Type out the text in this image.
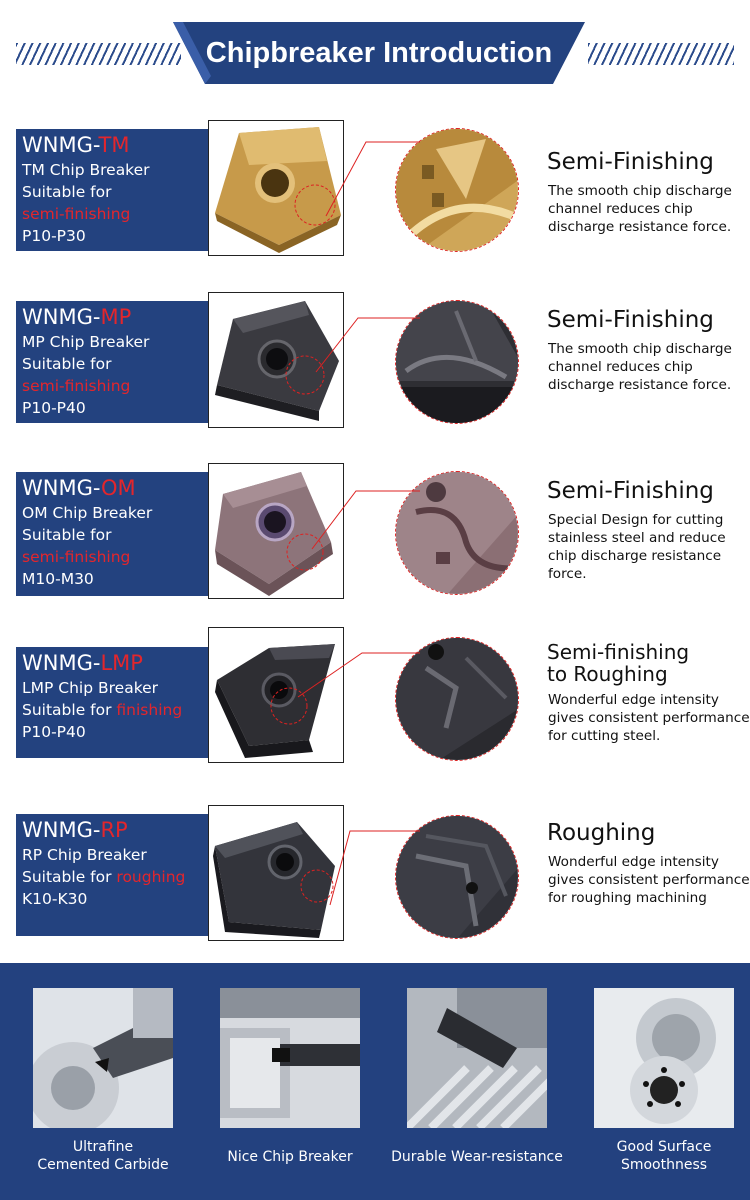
Chipbreaker Introduction
WNMG-TM
TM Chip Breaker
Suitable for
semi-finishing
P10-P30
Semi-Finishing
The smooth chip discharge channel reduces chip discharge resistance force.
WNMG-MP
MP Chip Breaker
Suitable for
semi-finishing
P10-P40
Semi-Finishing
The smooth chip discharge channel reduces chip discharge resistance force.
WNMG-OM
OM Chip Breaker
Suitable for
semi-finishing
M10-M30
Semi-Finishing
Special Design for cutting stainless steel and reduce chip discharge resistance force.
WNMG-LMP
LMP Chip Breaker
Suitable for finishing
P10-P40
Semi-finishing
to Roughing
Wonderful edge intensity gives consistent performance for cutting steel.
WNMG-RP
RP Chip Breaker
Suitable for roughing
K10-K30
Roughing
Wonderful edge intensity gives consistent performance for roughing machining
Ultrafine
Cemented Carbide	Nice Chip Breaker	Durable Wear-resistance
Good Surface
Smoothness
